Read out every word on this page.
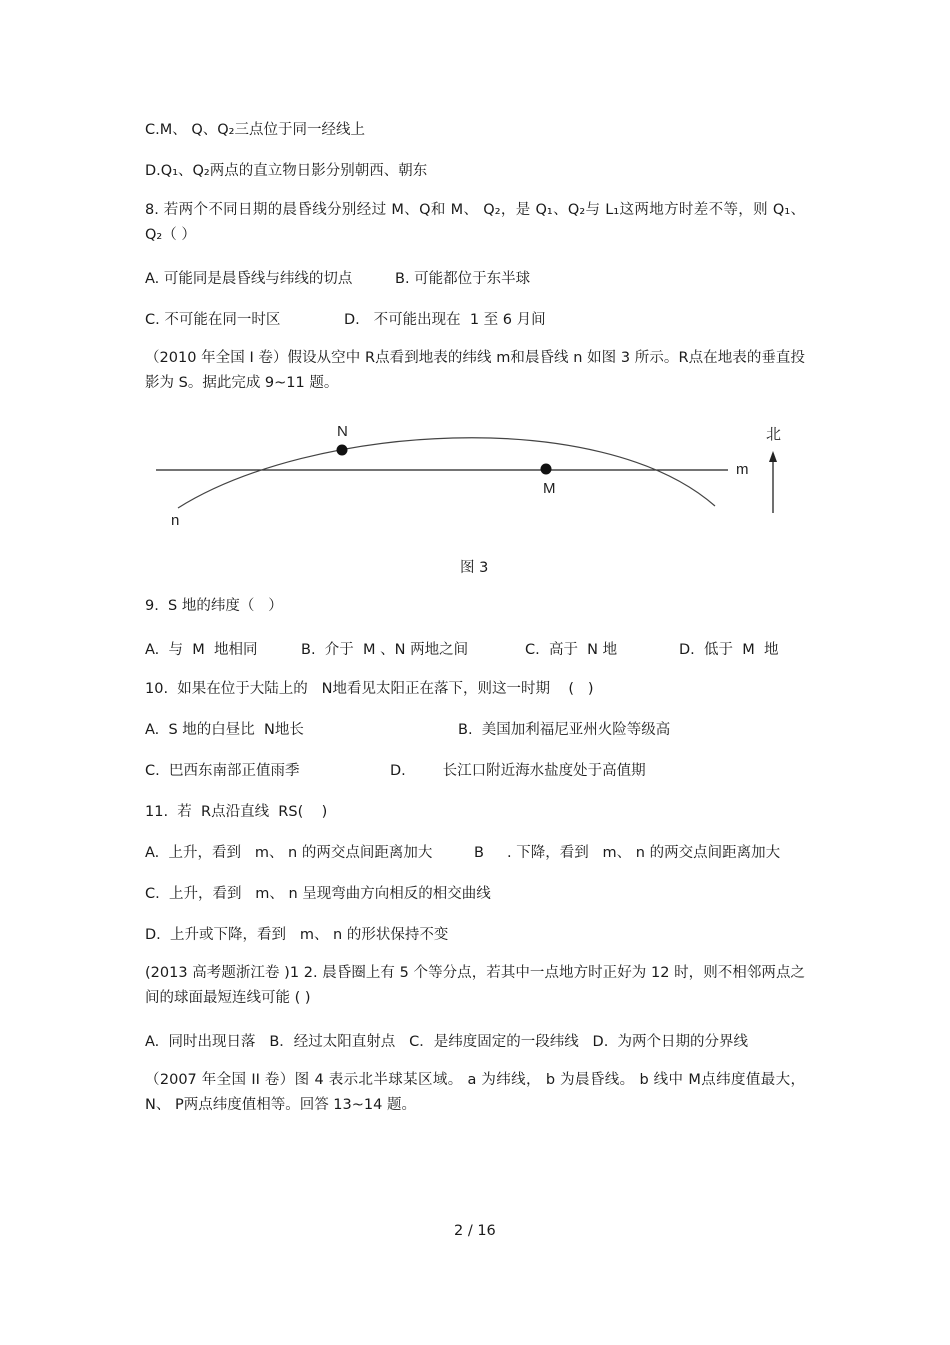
C.M、 Q、Q₂三点位于同一经线上
D.Q₁、Q₂两点的直立物日影分别朝西、朝东
8. 若两个不同日期的晨昏线分别经过 M、Q和 M、 Q₂，是 Q₁、Q₂与 L₁这两地方时差不等，则 Q₁、Q₂（ ）
A. 可能同是晨昏线与纬线的切点	B. 可能都位于东半球
C. 不可能在同一时区	D.   不可能出现在  1 至 6 月间
（2010 年全国 I 卷）假设从空中 R点看到地表的纬线 m和晨昏线 n 如图 3 所示。R点在地表的垂直投影为 S。据此完成 9~11 题。
N
M
m
n
北
图 3
9.  S 地的纬度（   ）
A.  与  M  地相同	B.  介于  M 、N 两地之间	C.  高于  N 地	D.  低于  M  地
10.  如果在位于大陆上的   N地看见太阳正在落下，则这一时期    (   )
A.  S 地的白昼比  N地长	B.  美国加利福尼亚州火险等级高
C.  巴西东南部正值雨季	D.        长江口附近海水盐度处于高值期
11.  若  R点沿直线  RS(    )
A.  上升，看到   m、 n 的两交点间距离加大	B     . 下降，看到   m、 n 的两交点间距离加大
C.  上升，看到   m、 n 呈现弯曲方向相反的相交曲线
D.  上升或下降，看到   m、 n 的形状保持不变
(2013 高考题浙江卷 )1 2. 晨昏圈上有 5 个等分点，若其中一点地方时正好为 12 时，则不相邻两点之间的球面最短连线可能 ( )
A.  同时出现日落   B．经过太阳直射点   C．是纬度固定的一段纬线   D.  为两个日期的分界线
（2007 年全国 II 卷）图 4 表示北半球某区域。 a 为纬线， b 为晨昏线。 b 线中 M点纬度值最大， N、 P两点纬度值相等。回答 13~14 题。
2 / 16
